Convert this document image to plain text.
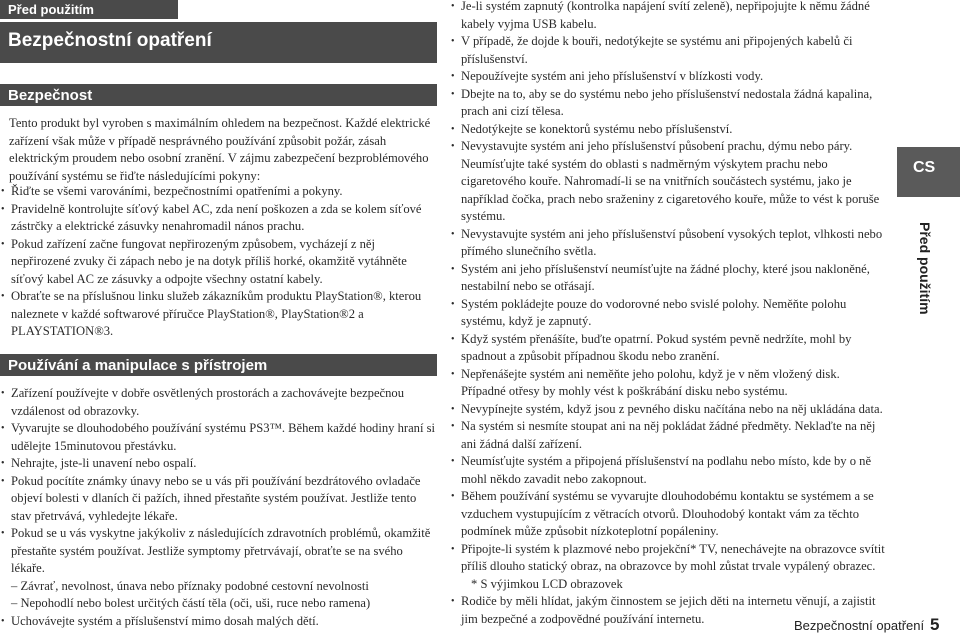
Před použitím
Bezpečnostní opatření
Bezpečnost

Tento produkt byl vyroben s maximálním ohledem na bezpečnost. Každé elektrické zařízení však může v případě nesprávného používání způsobit požár, zásah elektrickým proudem nebo osobní zranění. V zájmu zabezpečení bezproblémového používání systému se řiďte následujícími pokyny:

• Řiďte se všemi varováními, bezpečnostními opatřeními a pokyny.
• Pravidelně kontrolujte síťový kabel AC, zda není poškozen a zda se kolem síťové zástrčky a elektrické zásuvky nenahromadil nános prachu.
• Pokud zařízení začne fungovat nepřirozeným způsobem, vycházejí z něj nepřirozené zvuky či zápach nebo je na dotyk příliš horké, okamžitě vytáhněte síťový kabel AC ze zásuvky a odpojte všechny ostatní kabely.
• Obraťte se na příslušnou linku služeb zákazníkům produktu PlayStation®, kterou naleznete v každé softwarové příručce PlayStation®, PlayStation®2 a PLAYSTATION®3.
Používání a manipulace s přístrojem
• Zařízení používejte v dobře osvětlených prostorách a zachovávejte bezpečnou vzdálenost od obrazovky.
• Vyvarujte se dlouhodobého používání systému PS3™. Během každé hodiny hraní si udělejte 15minutovou přestávku.
• Nehrajte, jste-li unavení nebo ospalí.
• Pokud pocítíte známky únavy nebo se u vás při používání bezdrátového ovladače objeví bolesti v dlaních či pažích, ihned přestaňte systém používat. Jestliže tento stav přetrvává, vyhledejte lékaře.
• Pokud se u vás vyskytne jakýkoliv z následujících zdravotních problémů, okamžitě přestaňte systém používat. Jestliže symptomy přetrvávají, obraťte se na svého lékaře.
– Závrať, nevolnost, únava nebo příznaky podobné cestovní nevolnosti
– Nepohodlí nebo bolest určitých částí těla (oči, uši, ruce nebo ramena)
• Uchovávejte systém a příslušenství mimo dosah malých dětí.
• Je-li systém zapnutý (kontrolka napájení svítí zeleně), nepřipojujte k němu žádné kabely vyjma USB kabelu.
• V případě, že dojde k bouři, nedotýkejte se systému ani připojených kabelů či příslušenství.
• Nepoužívejte systém ani jeho příslušenství v blízkosti vody.
• Dbejte na to, aby se do systému nebo jeho příslušenství nedostala žádná kapalina, prach ani cizí tělesa.
• Nedotýkejte se konektorů systému nebo příslušenství.
• Nevystavujte systém ani jeho příslušenství působení prachu, dýmu nebo páry. Neumísťujte také systém do oblasti s nadměrným výskytem prachu nebo cigaretového kouře. Nahromadí-li se na vnitřních součástech systému, jako je například čočka, prach nebo sraženiny z cigaretového kouře, může to vést k poruše systému.
• Nevystavujte systém ani jeho příslušenství působení vysokých teplot, vlhkosti nebo přímého slunečního světla.
• Systém ani jeho příslušenství neumísťujte na žádné plochy, které jsou nakloněné, nestabilní nebo se otřásají.
• Systém pokládejte pouze do vodorovné nebo svislé polohy. Neměňte polohu systému, když je zapnutý.
• Když systém přenášíte, buďte opatrní. Pokud systém pevně nedržíte, mohl by spadnout a způsobit případnou škodu nebo zranění.
• Nepřenášejte systém ani neměňte jeho polohu, když je v něm vložený disk. Případné otřesy by mohly vést k poškrábání disku nebo systému.
• Nevypínejte systém, když jsou z pevného disku načítána nebo na něj ukládána data.
• Na systém si nesmíte stoupat ani na něj pokládat žádné předměty. Neklaďte na něj ani žádná další zařízení.
• Neumísťujte systém a připojená příslušenství na podlahu nebo místo, kde by o ně mohl někdo zavadit nebo zakopnout.
• Během používání systému se vyvarujte dlouhodobému kontaktu se systémem a se vzduchem vystupujícím z větracích otvorů. Dlouhodobý kontakt vám za těchto podmínek může způsobit nízkoteplotní popáleniny.
• Připojte-li systém k plazmové nebo projekční* TV, nenechávejte na obrazovce svítit příliš dlouho statický obraz, na obrazovce by mohl zůstat trvale vypálený obrazec.
* S výjimkou LCD obrazovek
• Rodiče by měli hlídat, jakým činnostem se jejich děti na internetu věnují, a zajistit jim bezpečné a zodpovědné používání internetu.
CS
Před použitím
Bezpečnostní opatření 5
